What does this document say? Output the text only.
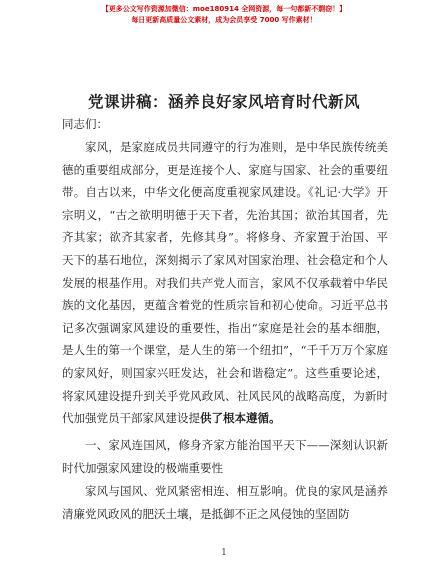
【更多公文写作资源加微信：moe180914 全网资源，每一句都新不剽窃！】
每日更新高质量公文素材，成为会员享受 7000 写作素材！
党课讲稿：涵养良好家风培育时代新风
同志们：

家风，是家庭成员共同遵守的行为准则，是中华民族传统美德的重要组成部分，更是连接个人、家庭与国家、社会的重要纽带。自古以来，中华文化便高度重视家风建设。《礼记·大学》开宗明义，“古之欲明明德于天下者，先治其国；欲治其国者，先齐其家；欲齐其家者，先修其身”。将修身、齐家置于治国、平天下的基石地位，深刻揭示了家风对国家治理、社会稳定和个人发展的根基作用。对我们共产党人而言，家风不仅承载着中华民族的文化基因，更蕴含着党的性质宗旨和初心使命。习近平总书记多次强调家风建设的重要性，指出“家庭是社会的基本细胞，是人生的第一个课堂，是人生的第一个纽扣”，“千千万万个家庭的家风好，则国家兴旺发达，社会和谐稳定”。这些重要论述，将家风建设提升到关乎党风政风、社风民风的战略高度，为新时代加强党员干部家风建设提供了根本遵循。

一、家风连国风，修身齐家方能治国平天下——深刻认识新时代加强家风建设的极端重要性

家风与国风、党风紧密相连、相互影响。优良的家风是涵养清廉党风政风的肥沃土壤，是抵御不正之风侵蚀的坚固防

1
